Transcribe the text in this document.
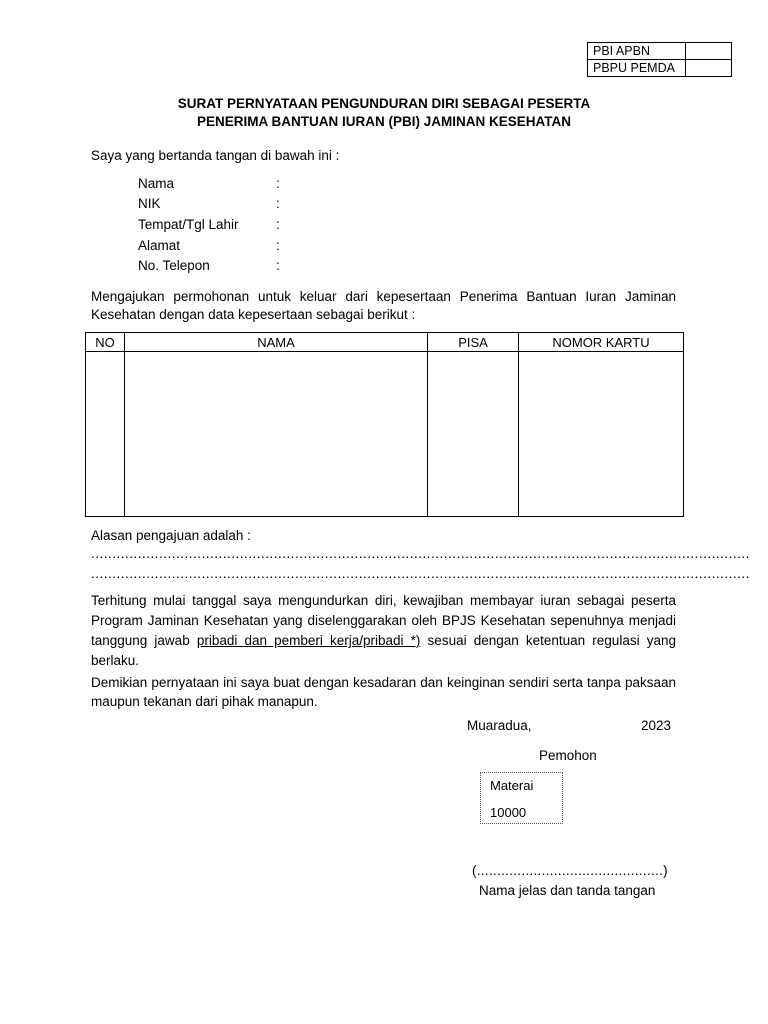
PBI APBN	
PBPU PEMDA	
SURAT PERNYATAAN PENGUNDURAN DIRI SEBAGAI PESERTA
PENERIMA BANTUAN IURAN (PBI) JAMINAN KESEHATAN
Saya yang bertanda tangan di bawah ini :
Nama	:
NIK	:
Tempat/Tgl Lahir	:
Alamat	:
No. Telepon	:
Mengajukan permohonan untuk keluar dari kepesertaan Penerima Bantuan Iuran Jaminan Kesehatan dengan data kepesertaan sebagai berikut :
NO	NAMA	PISA	NOMOR KARTU

Alasan pengajuan adalah :
...........................................................................................................................................................
...........................................................................................................................................................
Terhitung mulai tanggal saya mengundurkan diri, kewajiban membayar iuran sebagai peserta Program Jaminan Kesehatan yang diselenggarakan oleh BPJS Kesehatan sepenuhnya menjadi tanggung jawab pribadi dan pemberi kerja/pribadi *) sesuai dengan ketentuan regulasi yang berlaku.
Demikian pernyataan ini saya buat dengan kesadaran dan keinginan sendiri serta tanpa paksaan maupun tekanan dari pihak manapun.
Muaradua,	2023
Pemohon
Materai
10000
(..............................................)
Nama jelas dan tanda tangan
